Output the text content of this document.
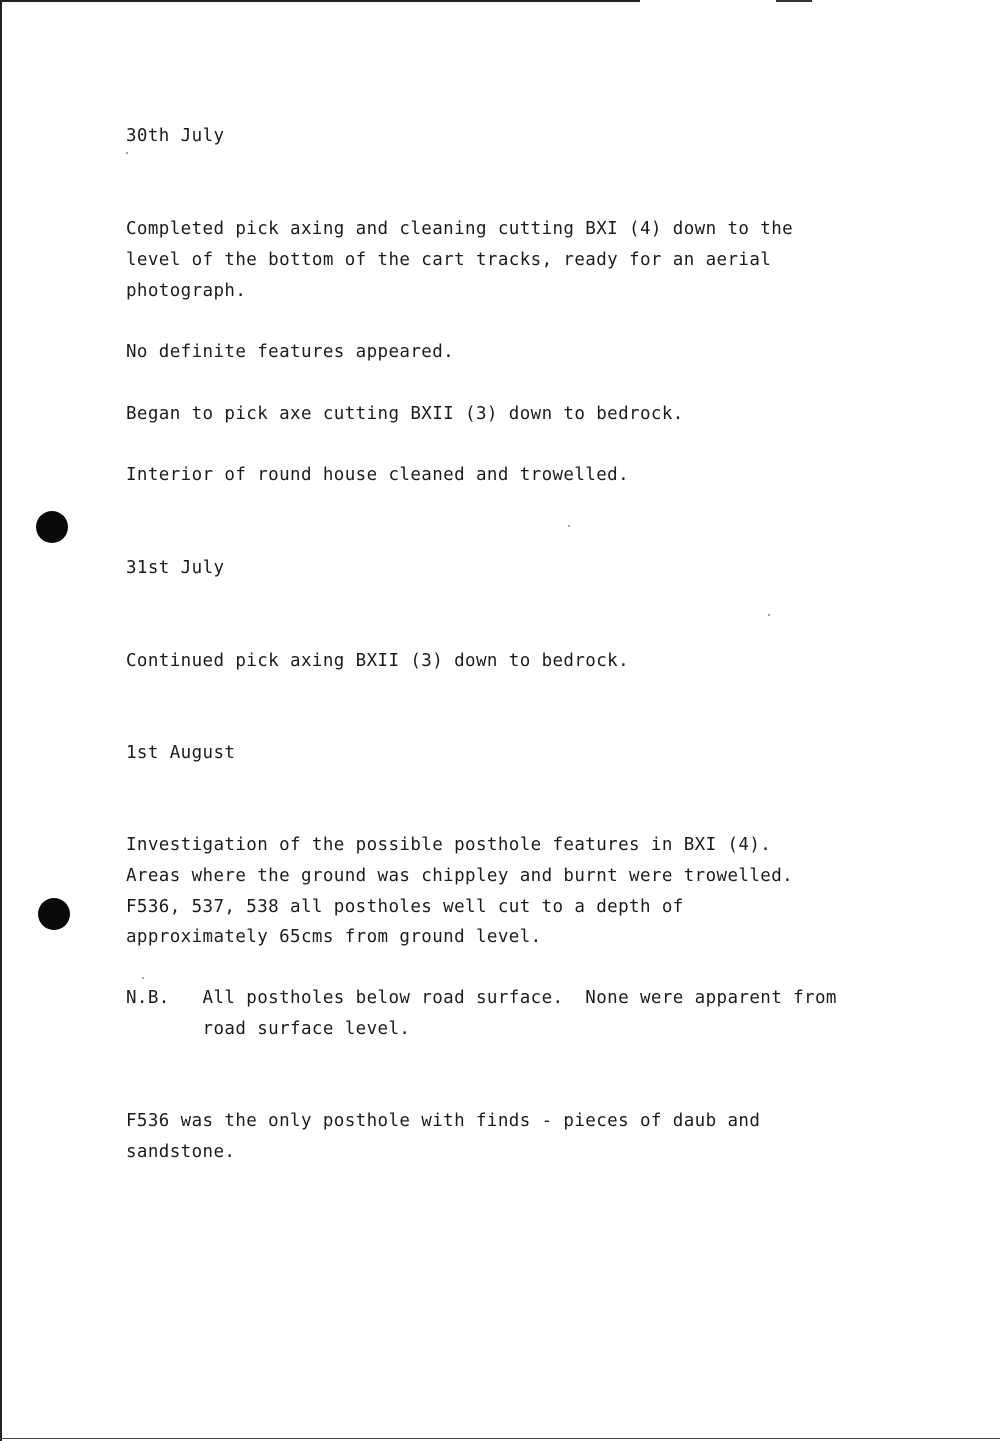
30th July
Completed pick axing and cleaning cutting BXI (4) down to the
level of the bottom of the cart tracks, ready for an aerial
photograph.
No definite features appeared.
Began to pick axe cutting BXII (3) down to bedrock.
Interior of round house cleaned and trowelled.
31st July
Continued pick axing BXII (3) down to bedrock.
1st August
Investigation of the possible posthole features in BXI (4).
Areas where the ground was chippley and burnt were trowelled.
F536, 537, 538 all postholes well cut to a depth of
approximately 65cms from ground level.
N.B.   All postholes below road surface.  None were apparent from
road surface level.
F536 was the only posthole with finds - pieces of daub and
sandstone.
